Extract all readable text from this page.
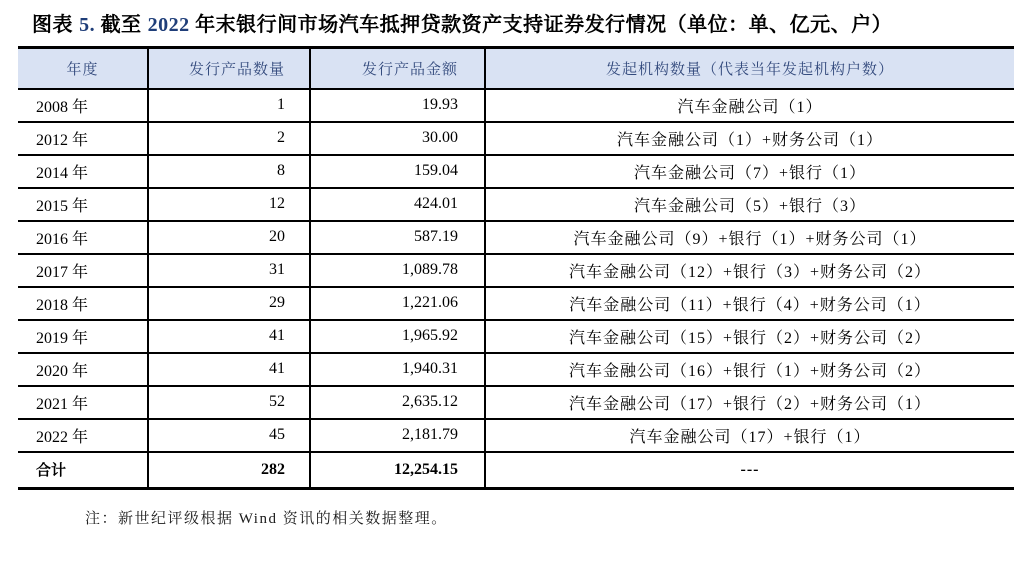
图表 5. 截至 2022 年末银行间市场汽车抵押贷款资产支持证券发行情况（单位：单、亿元、户）
年度	发行产品数量	发行产品金额	发起机构数量（代表当年发起机构户数）
2008 年	1	19.93	汽车金融公司（1）
2012 年	2	30.00	汽车金融公司（1）+财务公司（1）
2014 年	8	159.04	汽车金融公司（7）+银行（1）
2015 年	12	424.01	汽车金融公司（5）+银行（3）
2016 年	20	587.19	汽车金融公司（9）+银行（1）+财务公司（1）
2017 年	31	1,089.78	汽车金融公司（12）+银行（3）+财务公司（2）
2018 年	29	1,221.06	汽车金融公司（11）+银行（4）+财务公司（1）
2019 年	41	1,965.92	汽车金融公司（15）+银行（2）+财务公司（2）
2020 年	41	1,940.31	汽车金融公司（16）+银行（1）+财务公司（2）
2021 年	52	2,635.12	汽车金融公司（17）+银行（2）+财务公司（1）
2022 年	45	2,181.79	汽车金融公司（17）+银行（1）
合计	282	12,254.15	---
注：新世纪评级根据 Wind 资讯的相关数据整理。
